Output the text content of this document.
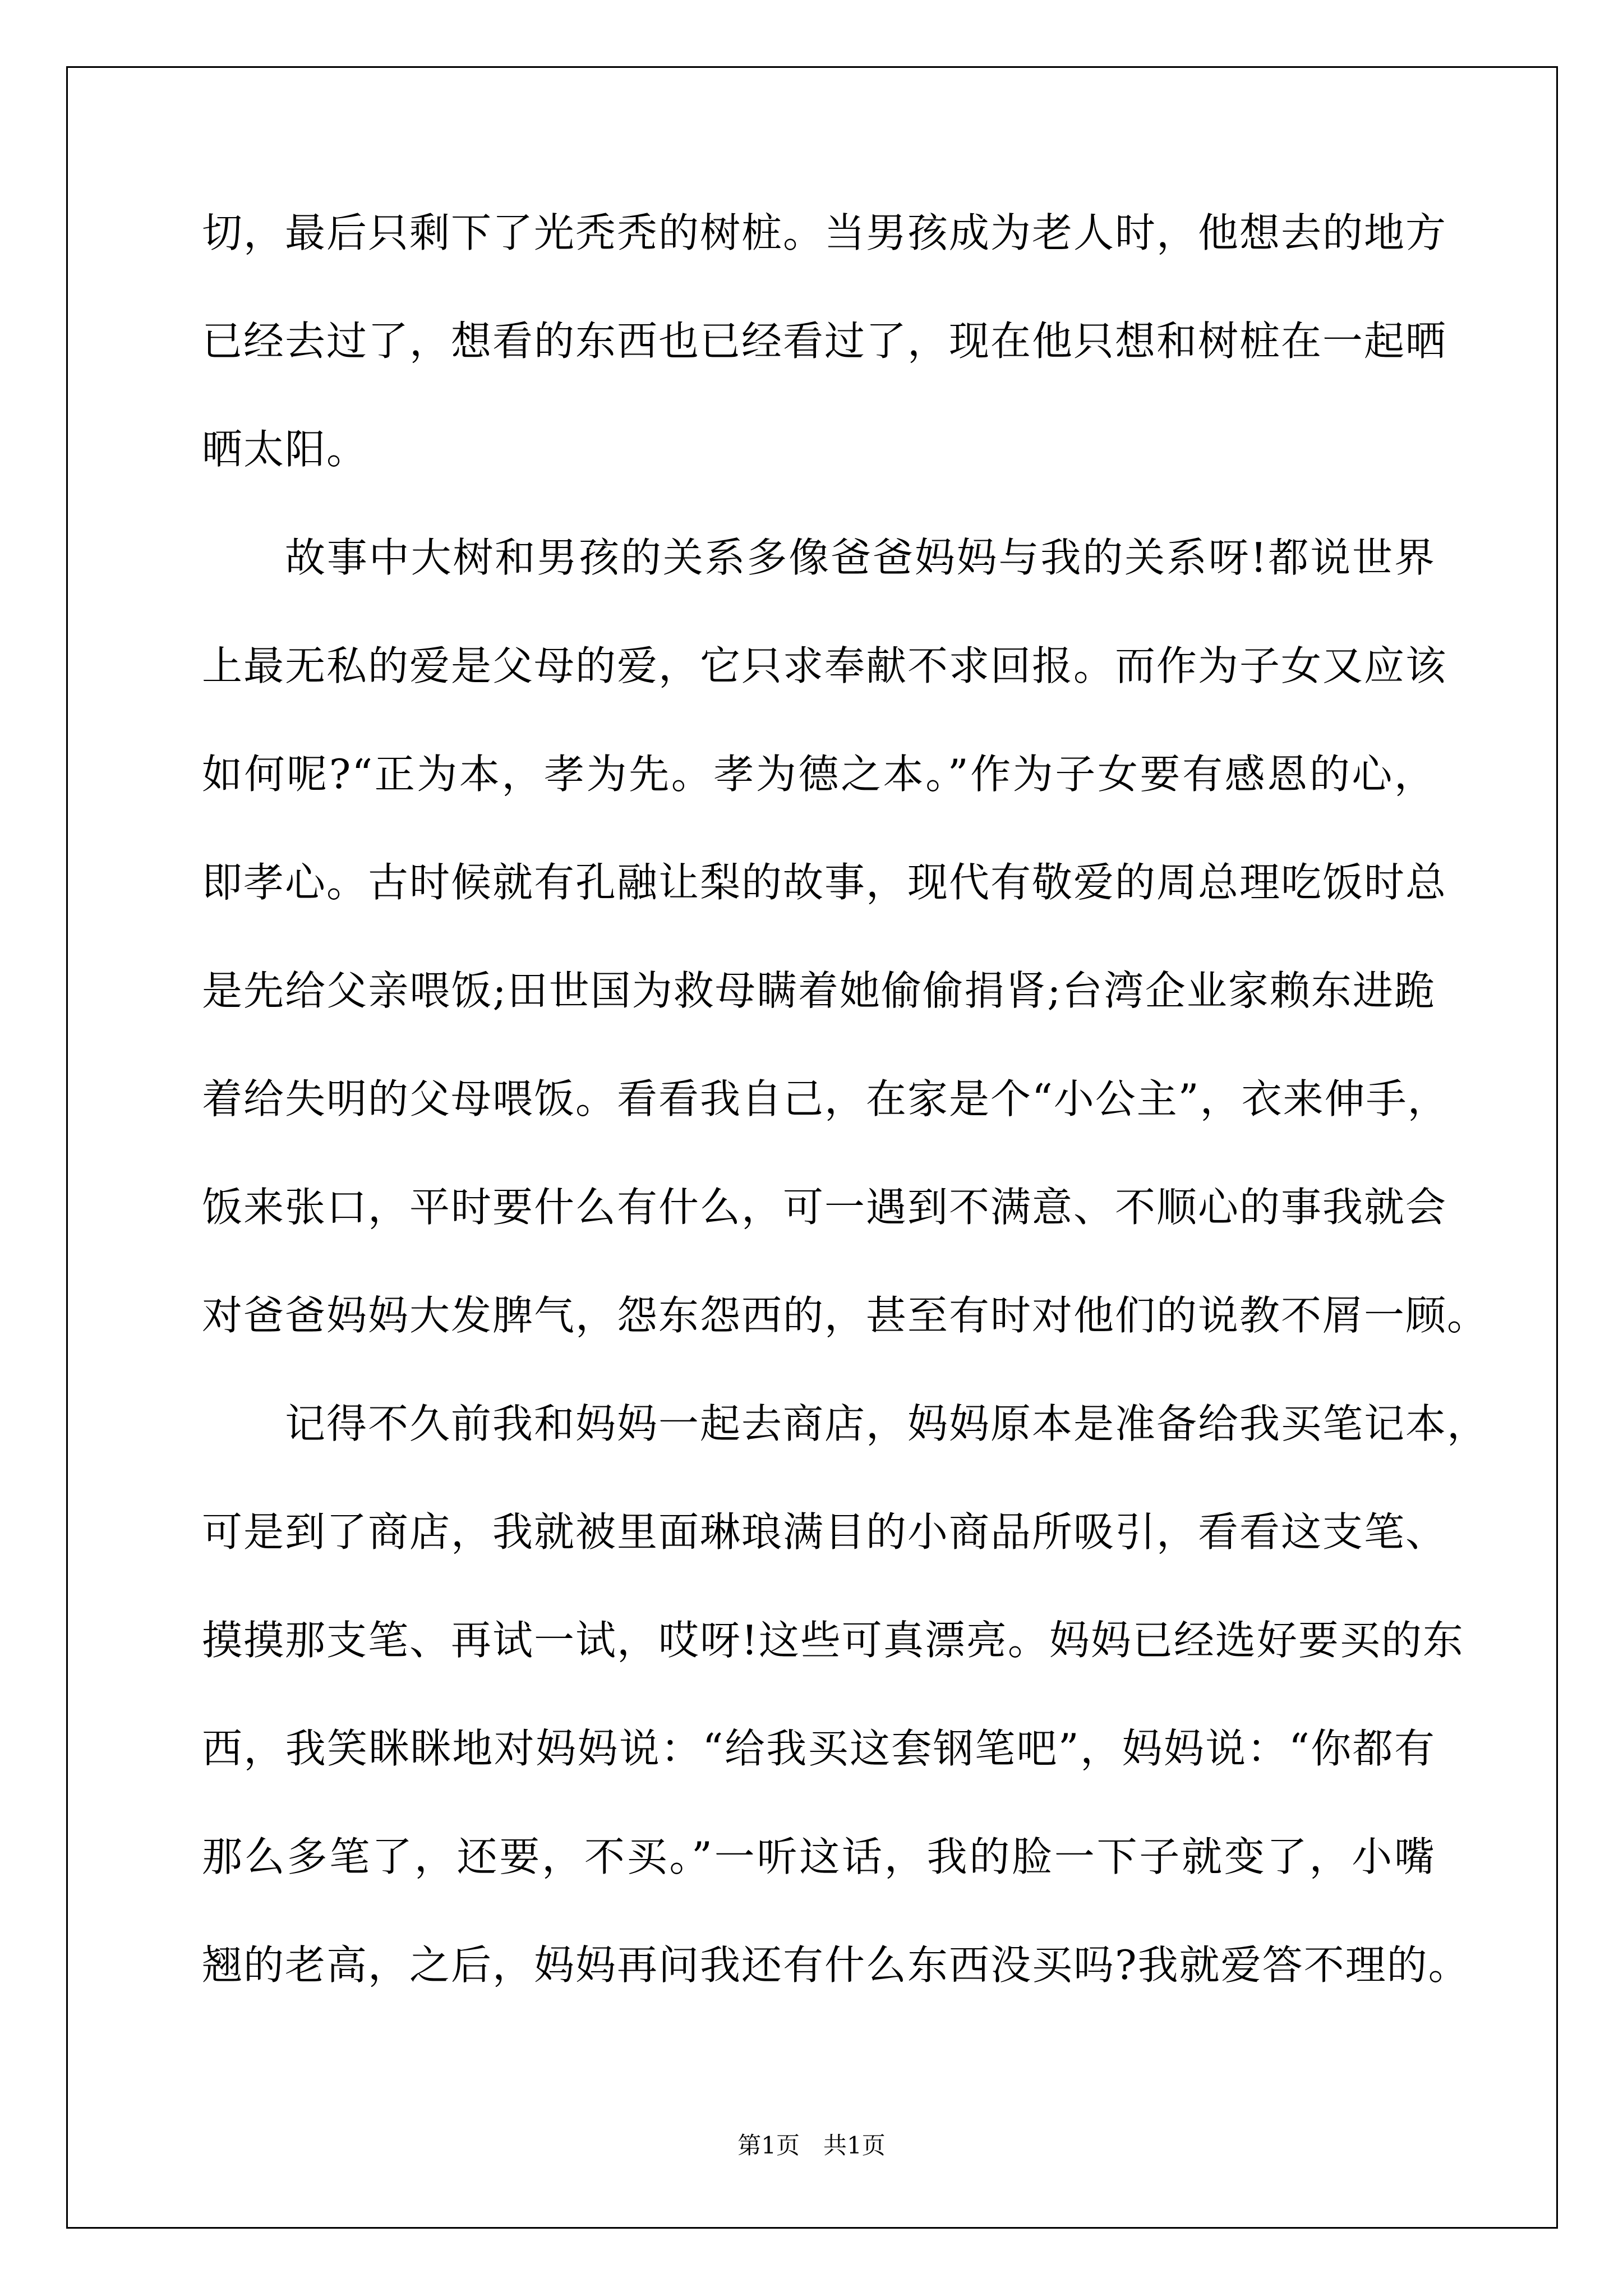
切，最后只剩下了光秃秃的树桩。当男孩成为老人时，他想去的地方
已经去过了，想看的东西也已经看过了，现在他只想和树桩在一起晒
晒太阳。
故事中大树和男孩的关系多像爸爸妈妈与我的关系呀!都说世界
上最无私的爱是父母的爱，它只求奉献不求回报。而作为子女又应该
如何呢?“正为本，孝为先。孝为德之本。”作为子女要有感恩的心，
即孝心。古时候就有孔融让梨的故事，现代有敬爱的周总理吃饭时总
是先给父亲喂饭;田世国为救母瞒着她偷偷捐肾;台湾企业家赖东进跪
着给失明的父母喂饭。看看我自己，在家是个“小公主”，衣来伸手，
饭来张口，平时要什么有什么，可一遇到不满意、不顺心的事我就会
对爸爸妈妈大发脾气，怨东怨西的，甚至有时对他们的说教不屑一顾。
记得不久前我和妈妈一起去商店，妈妈原本是准备给我买笔记本，
可是到了商店，我就被里面琳琅满目的小商品所吸引，看看这支笔、
摸摸那支笔、再试一试，哎呀!这些可真漂亮。妈妈已经选好要买的东
西，我笑眯眯地对妈妈说：“给我买这套钢笔吧”，妈妈说：“你都有
那么多笔了，还要，不买。”一听这话，我的脸一下子就变了，小嘴
翘的老高，之后，妈妈再问我还有什么东西没买吗?我就爱答不理的。
第1页　共1页
